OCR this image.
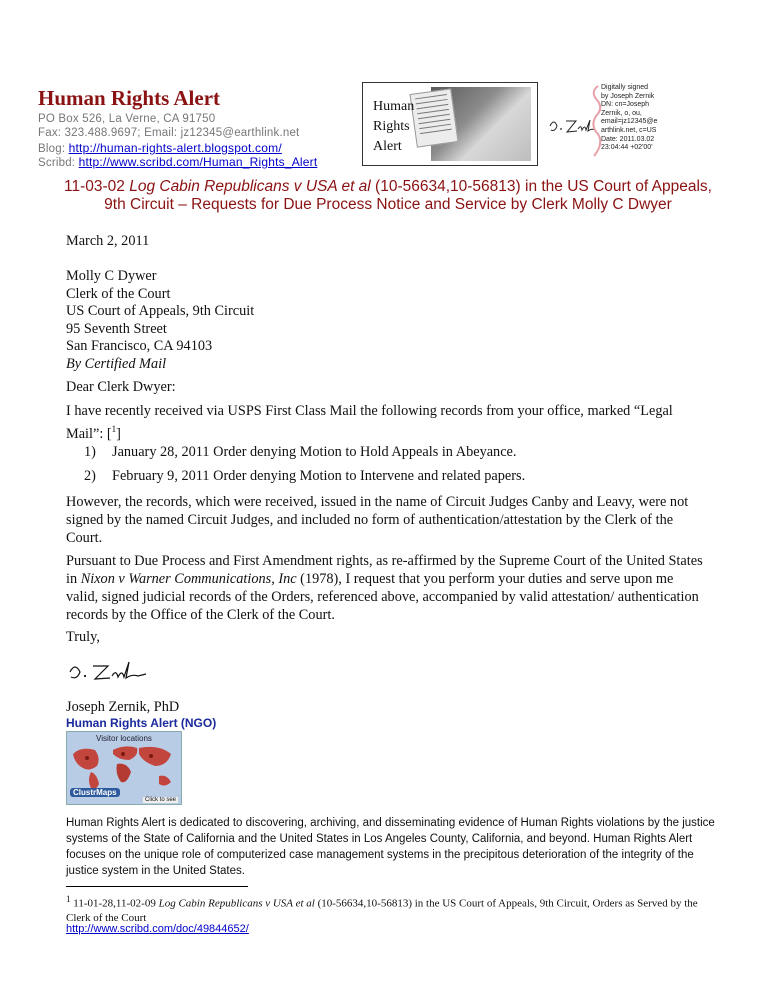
Human Rights Alert
PO Box 526, La Verne, CA 91750
Fax: 323.488.9697; Email: jz12345@earthlink.net
Blog: http://human-rights-alert.blogspot.com/
Scribd: http://www.scribd.com/Human_Rights_Alert
Human
Rights
Alert
Digitally signed
by Joseph Zernik
DN: cn=Joseph
Zernik, o, ou,
email=jz12345@e
arthlink.net, c=US
Date: 2011.03.02
23:04:44 +02'00'
11-03-02 Log Cabin Republicans v USA et al (10-56634,10-56813) in the US Court of Appeals,
9th Circuit – Requests for Due Process Notice and Service by Clerk Molly C Dwyer
March 2, 2011
Molly C Dywer
Clerk of the Court
US Court of Appeals, 9th Circuit
95 Seventh Street
San Francisco, CA 94103
By Certified Mail
Dear Clerk Dwyer:
I have recently received via USPS First Class Mail the following records from your office, marked “Legal Mail”: [$^1$]
1) January 28, 2011 Order denying Motion to Hold Appeals in Abeyance.
2) February 9, 2011 Order denying Motion to Intervene and related papers.
However, the records, which were received, issued in the name of Circuit Judges Canby and Leavy, were not signed by the named Circuit Judges, and included no form of authentication/attestation by the Clerk of the Court.
Pursuant to Due Process and First Amendment rights, as re-affirmed by the Supreme Court of the United States in Nixon v Warner Communications, Inc (1978), I request that you perform your duties and serve upon me valid, signed judicial records of the Orders, referenced above, accompanied by valid attestation/ authentication records by the Office of the Clerk of the Court.
Truly,
Joseph Zernik, PhD
Human Rights Alert (NGO)
Visitor locations
ClustrMaps
Click to see
Human Rights Alert is dedicated to discovering, archiving, and disseminating evidence of Human Rights violations by the justice systems of the State of California and the United States in Los Angeles County, California, and beyond. Human Rights Alert focuses on the unique role of computerized case management systems in the precipitous deterioration of the integrity of the justice system in the United States.
$^1$ 11-01-28,11-02-09 Log Cabin Republicans v USA et al (10-56634,10-56813) in the US Court of Appeals, 9th Circuit, Orders as Served by the Clerk of the Court
http://www.scribd.com/doc/49844652/
